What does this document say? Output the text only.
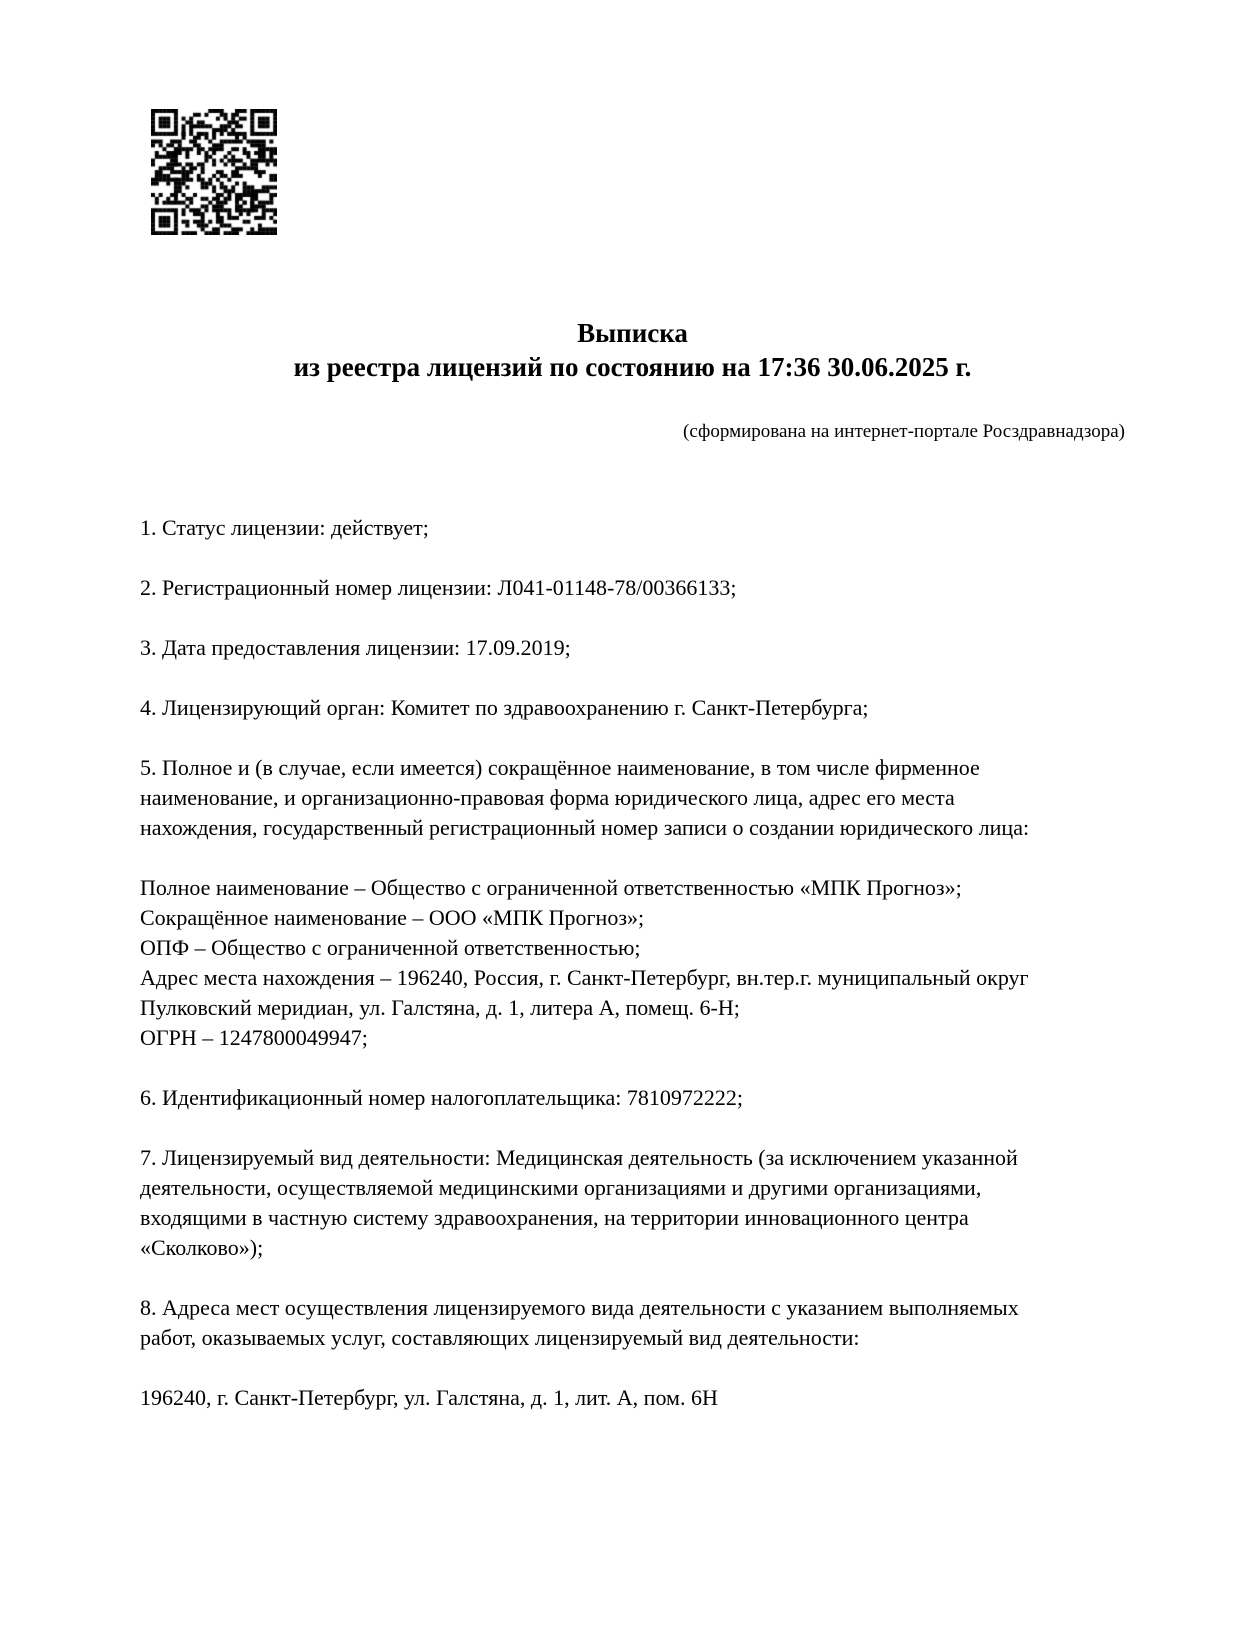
Выписка
из реестра лицензий по состоянию на 17:36 30.06.2025 г.
(сформирована на интернет-портале Росздравнадзора)
1. Статус лицензии: действует;
2. Регистрационный номер лицензии: Л041-01148-78/00366133;
3. Дата предоставления лицензии: 17.09.2019;
4. Лицензирующий орган: Комитет по здравоохранению г. Санкт-Петербурга;
5. Полное и (в случае, если имеется) сокращённое наименование, в том числе фирменное
наименование, и организационно-правовая форма юридического лица, адрес его места
нахождения, государственный регистрационный номер записи о создании юридического лица:
Полное наименование – Общество с ограниченной ответственностью «МПК Прогноз»;
Сокращённое наименование – ООО «МПК Прогноз»;
ОПФ – Общество с ограниченной ответственностью;
Адрес места нахождения – 196240, Россия, г. Санкт-Петербург, вн.тер.г. муниципальный округ
Пулковский меридиан, ул. Галстяна, д. 1, литера А, помещ. 6-Н;
ОГРН – 1247800049947;
6. Идентификационный номер налогоплательщика: 7810972222;
7. Лицензируемый вид деятельности: Медицинская деятельность (за исключением указанной
деятельности, осуществляемой медицинскими организациями и другими организациями,
входящими в частную систему здравоохранения, на территории инновационного центра
«Сколково»);
8. Адреса мест осуществления лицензируемого вида деятельности с указанием выполняемых
работ, оказываемых услуг, составляющих лицензируемый вид деятельности:
196240, г. Санкт-Петербург, ул. Галстяна, д. 1, лит. А, пом. 6Н
